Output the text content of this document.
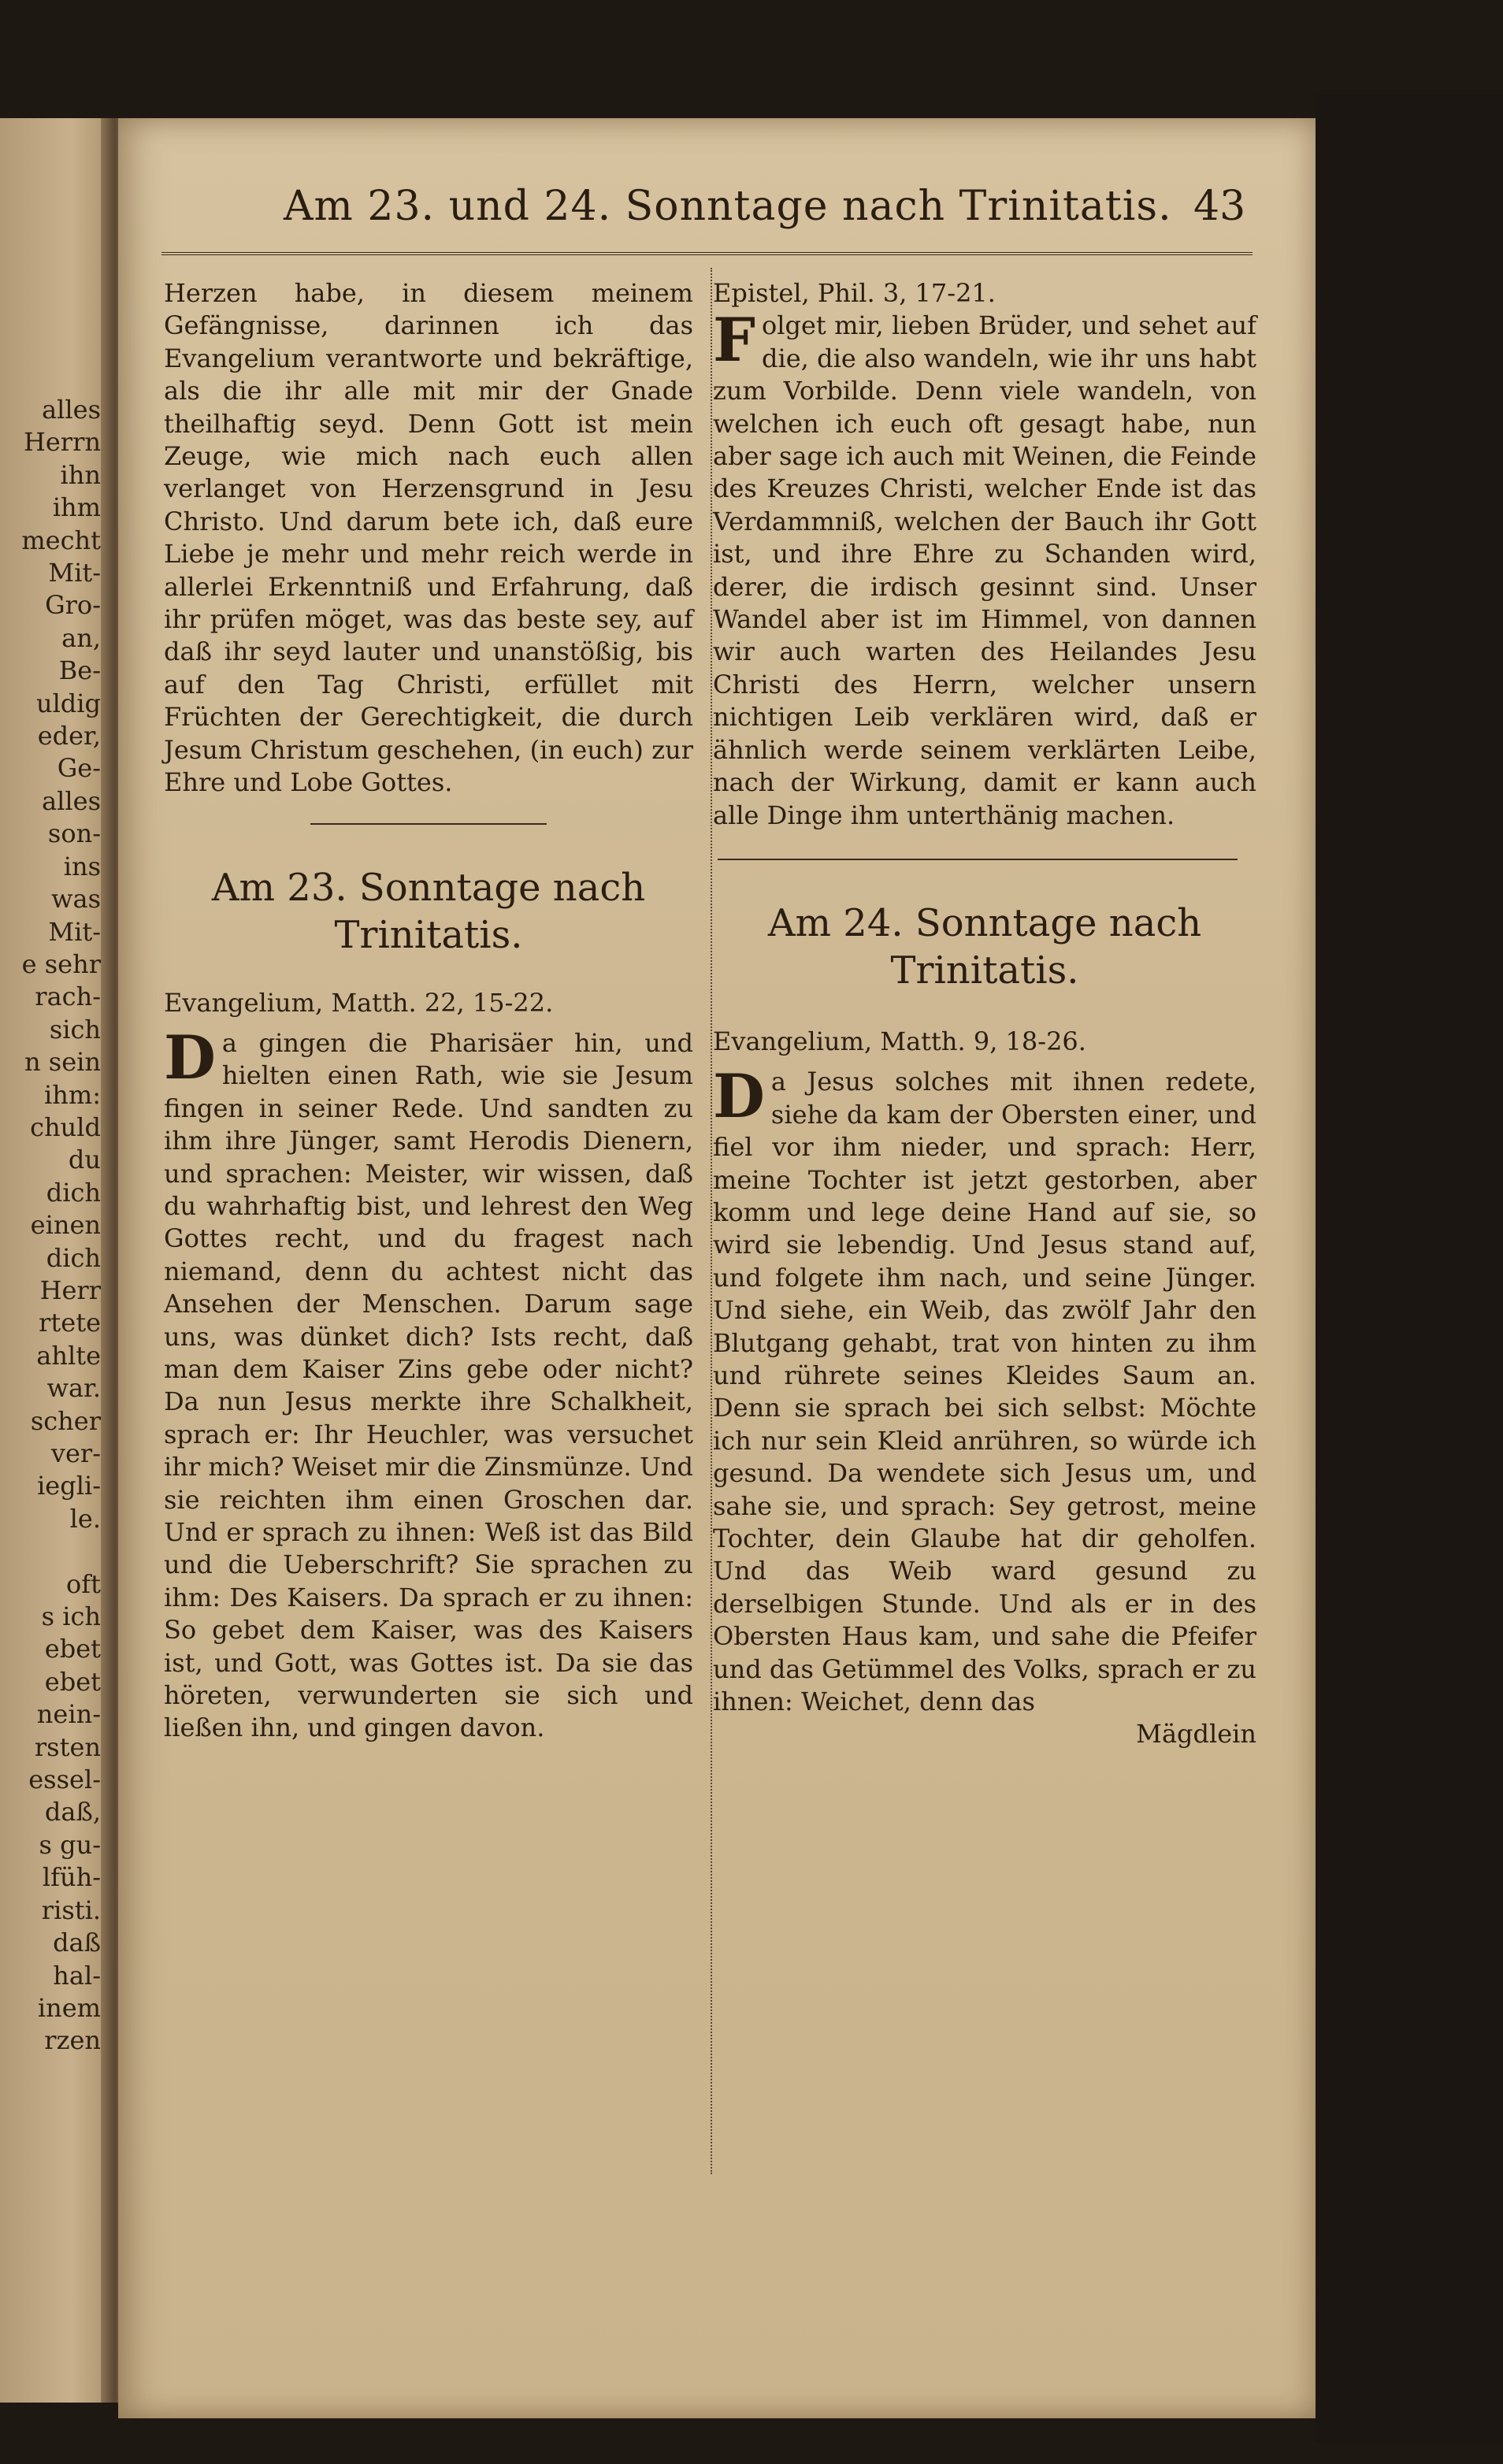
alles
Herrn
ihn
ihm
mecht
Mit-
Gro-
an,
Be-
uldig
eder,
Ge-
alles
son-
ins
was
Mit-
e sehr
rach-
sich
n sein
ihm:
chuld
du
dich
einen
dich
Herr
rtete
ahlte
war.
scher
ver-
iegli-
le.

oft
s ich
ebet
ebet
nein-
rsten
essel-
daß,
s gu-
lfüh-
risti.
daß
hal-
inem
rzen
Am 23. und 24. Sonntage nach Trinitatis. 43
Herzen habe, in diesem meinem Gefängnisse, darinnen ich das Evangelium verantworte und bekräftige, als die ihr alle mit mir der Gnade theilhaftig seyd. Denn Gott ist mein Zeuge, wie mich nach euch allen verlanget von Herzensgrund in Jesu Christo. Und darum bete ich, daß eure Liebe je mehr und mehr reich werde in allerlei Erkenntniß und Erfahrung, daß ihr prüfen möget, was das beste sey, auf daß ihr seyd lauter und unanstößig, bis auf den Tag Christi, erfüllet mit Früchten der Gerechtigkeit, die durch Jesum Christum geschehen, (in euch) zur Ehre und Lobe Gottes.
Am 23. Sonntage nach Trinitatis.
Evangelium, Matth. 22, 15-22.
Da gingen die Pharisäer hin, und hielten einen Rath, wie sie Jesum fingen in seiner Rede. Und sandten zu ihm ihre Jünger, samt Herodis Dienern, und sprachen: Meister, wir wissen, daß du wahrhaftig bist, und lehrest den Weg Gottes recht, und du fragest nach niemand, denn du achtest nicht das Ansehen der Menschen. Darum sage uns, was dünket dich? Ists recht, daß man dem Kaiser Zins gebe oder nicht? Da nun Jesus merkte ihre Schalkheit, sprach er: Ihr Heuchler, was versuchet ihr mich? Weiset mir die Zinsmünze. Und sie reichten ihm einen Groschen dar. Und er sprach zu ihnen: Weß ist das Bild und die Ueberschrift? Sie sprachen zu ihm: Des Kaisers. Da sprach er zu ihnen: So gebet dem Kaiser, was des Kaisers ist, und Gott, was Gottes ist. Da sie das höreten, verwunderten sie sich und ließen ihn, und gingen davon.
Epistel, Phil. 3, 17-21.
Folget mir, lieben Brüder, und sehet auf die, die also wandeln, wie ihr uns habt zum Vorbilde. Denn viele wandeln, von welchen ich euch oft gesagt habe, nun aber sage ich auch mit Weinen, die Feinde des Kreuzes Christi, welcher Ende ist das Verdammniß, welchen der Bauch ihr Gott ist, und ihre Ehre zu Schanden wird, derer, die irdisch gesinnt sind. Unser Wandel aber ist im Himmel, von dannen wir auch warten des Heilandes Jesu Christi des Herrn, welcher unsern nichtigen Leib verklären wird, daß er ähnlich werde seinem verklärten Leibe, nach der Wirkung, damit er kann auch alle Dinge ihm unterthänig machen.
Am 24. Sonntage nach Trinitatis.
Evangelium, Matth. 9, 18-26.
Da Jesus solches mit ihnen redete, siehe da kam der Obersten einer, und fiel vor ihm nieder, und sprach: Herr, meine Tochter ist jetzt gestorben, aber komm und lege deine Hand auf sie, so wird sie lebendig. Und Jesus stand auf, und folgete ihm nach, und seine Jünger. Und siehe, ein Weib, das zwölf Jahr den Blutgang gehabt, trat von hinten zu ihm und rührete seines Kleides Saum an. Denn sie sprach bei sich selbst: Möchte ich nur sein Kleid anrühren, so würde ich gesund. Da wendete sich Jesus um, und sahe sie, und sprach: Sey getrost, meine Tochter, dein Glaube hat dir geholfen. Und das Weib ward gesund zu derselbigen Stunde. Und als er in des Obersten Haus kam, und sahe die Pfeifer und das Getümmel des Volks, sprach er zu ihnen: Weichet, denn das
Mägdlein
